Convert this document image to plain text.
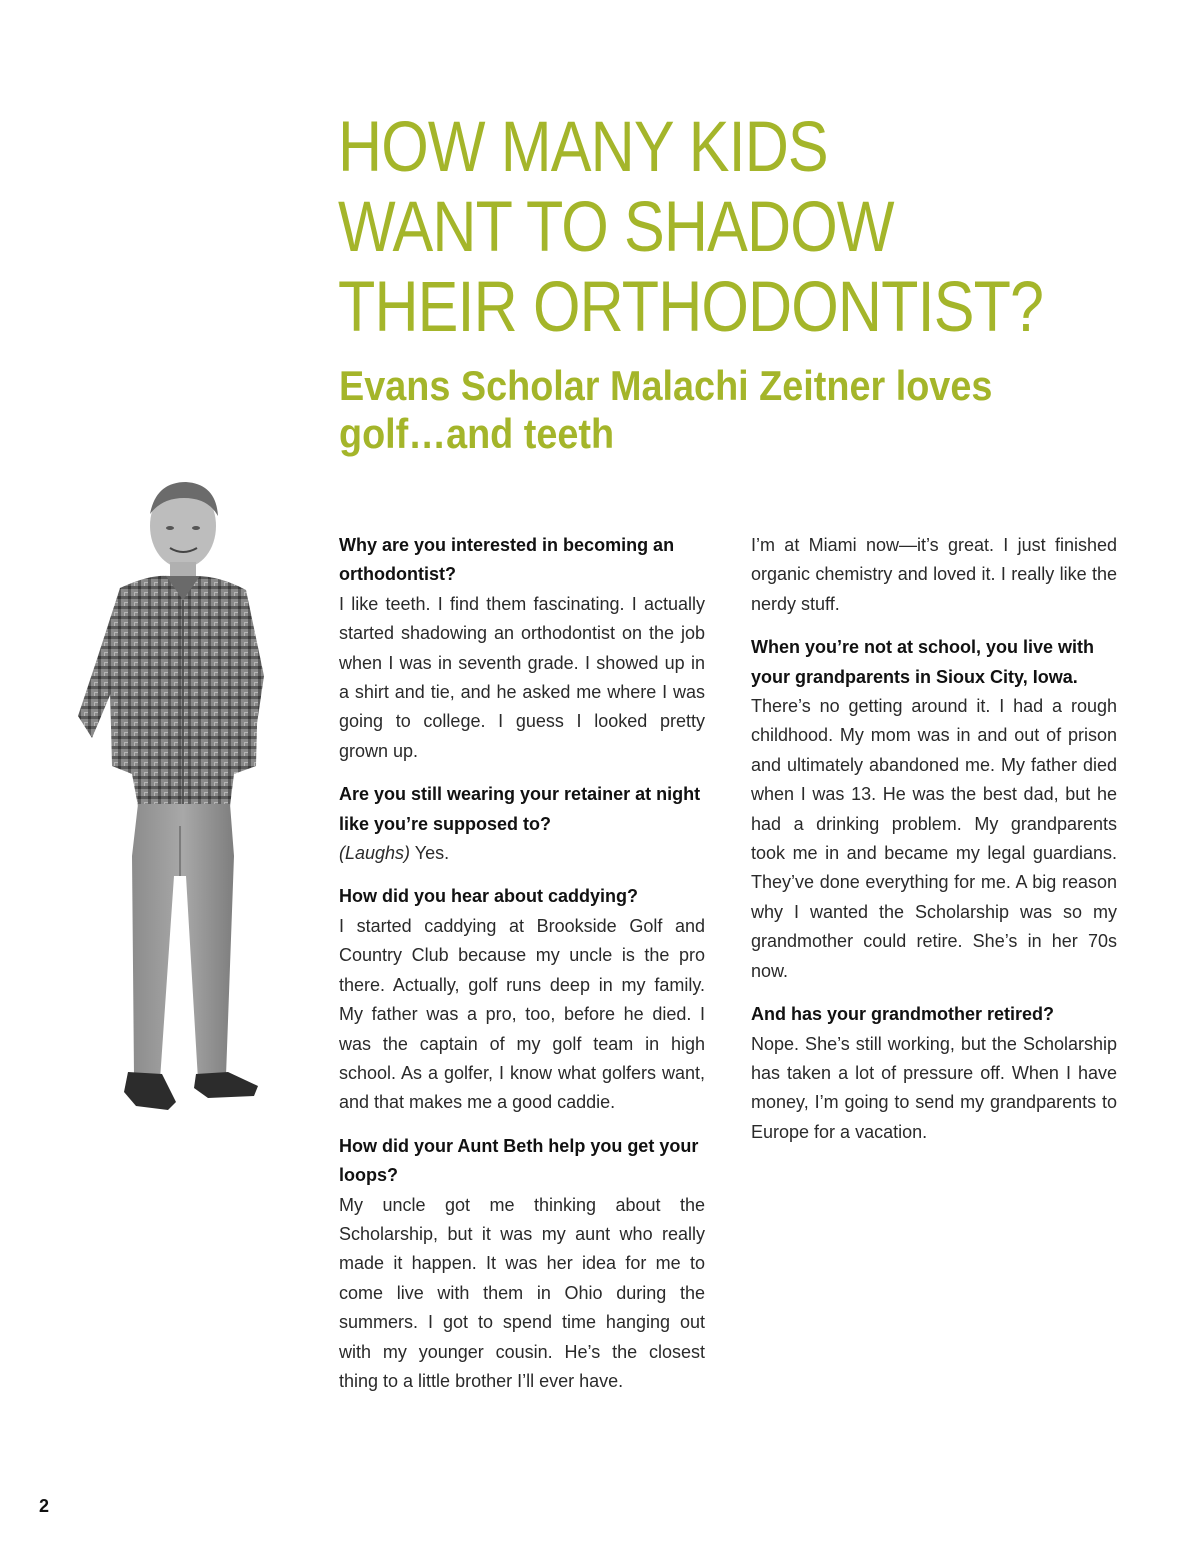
HOW MANY KIDS
WANT TO SHADOW
THEIR ORTHODONTIST?
Evans Scholar Malachi Zeitner loves
golf…and teeth

Why are you interested in becoming an orthodontist?

I like teeth. I find them fascinating. I actually started shadowing an orthodontist on the job when I was in seventh grade. I showed up in a shirt and tie, and he asked me where I was going to college. I guess I looked pretty grown up.

Are you still wearing your retainer at night like you’re supposed to?

(Laughs) Yes.

How did you hear about caddying?

I started caddying at Brookside Golf and Country Club because my uncle is the pro there. Actually, golf runs deep in my family. My father was a pro, too, before he died. I was the captain of my golf team in high school. As a golfer, I know what golfers want, and that makes me a good caddie.

How did your Aunt Beth help you get your loops?

My uncle got me thinking about the Scholarship, but it was my aunt who really made it happen. It was her idea for me to come live with them in Ohio during the summers. I got to spend time hanging out with my younger cousin. He’s the closest thing to a little brother I’ll ever have.

I’m at Miami now—it’s great. I just finished organic chemistry and loved it. I really like the nerdy stuff.

When you’re not at school, you live with your grandparents in Sioux City, Iowa.

There’s no getting around it. I had a rough childhood. My mom was in and out of prison and ultimately abandoned me. My father died when I was 13. He was the best dad, but he had a drinking problem. My grandparents took me in and became my legal guardians. They’ve done everything for me. A big reason why I wanted the Scholarship was so my grandmother could retire. She’s in her 70s now.

And has your grandmother retired?

Nope. She’s still working, but the Scholarship has taken a lot of pressure off. When I have money, I’m going to send my grandparents to Europe for a vacation.

2
